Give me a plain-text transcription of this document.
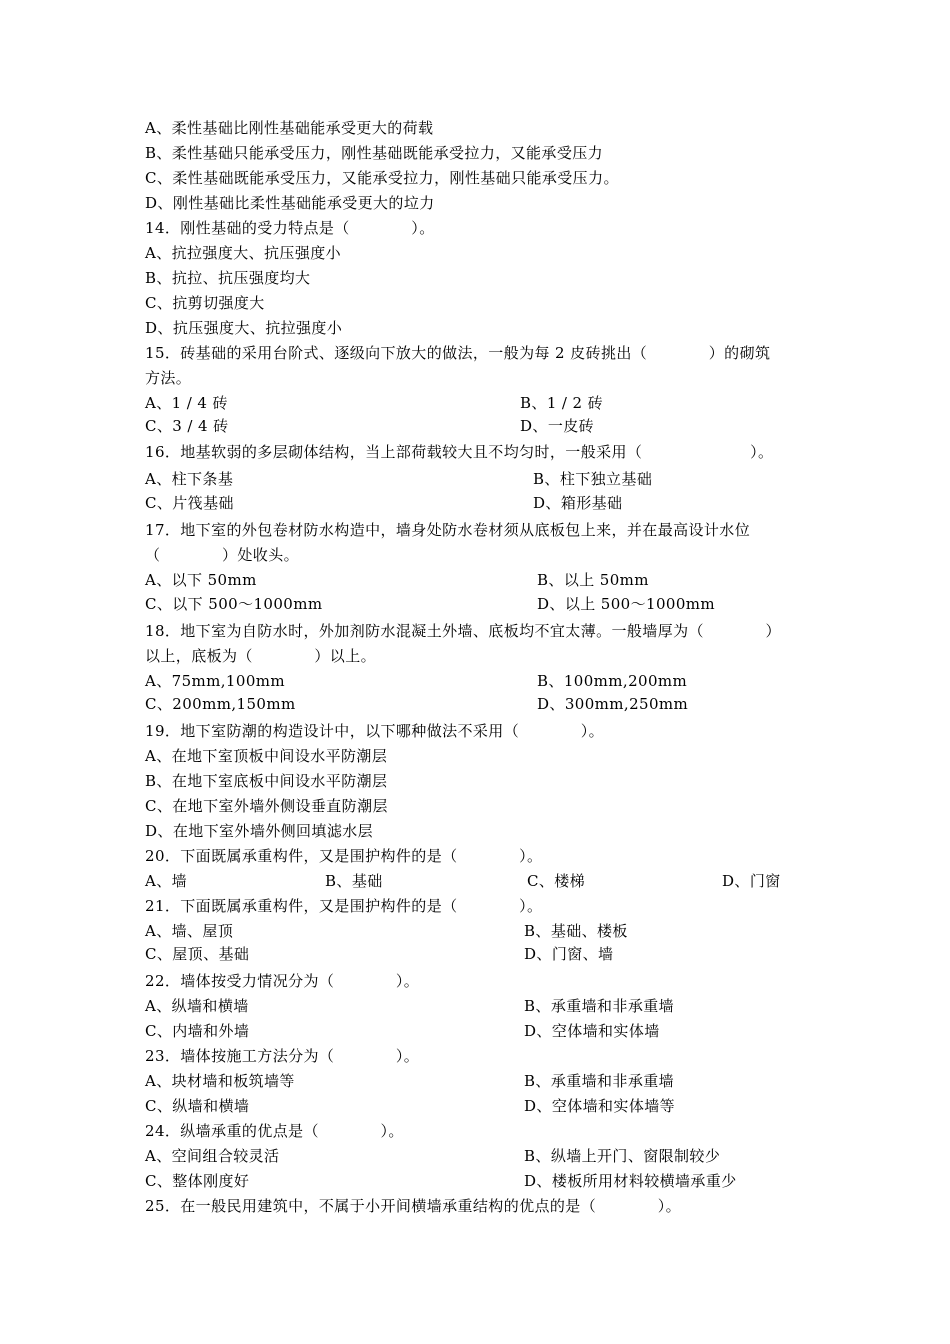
A、柔性基础比刚性基础能承受更大的荷载
B、柔性基础只能承受压力，刚性基础既能承受拉力，又能承受压力
C、柔性基础既能承受压力，又能承受拉力，刚性基础只能承受压力。
D、刚性基础比柔性基础能承受更大的垃力
14．刚性基础的受力特点是（　　　　）。
A、抗拉强度大、抗压强度小
B、抗拉、抗压强度均大
C、抗剪切强度大
D、抗压强度大、抗拉强度小
15．砖基础的采用台阶式、逐级向下放大的做法，一般为每 2 皮砖挑出（　　　　）的砌筑
方法。
A、1 / 4 砖	B、1 / 2 砖
C、3 / 4 砖	D、一皮砖
16．地基软弱的多层砌体结构，当上部荷载较大且不均匀时，一般采用（　　　　　　　）。
A、柱下条基	B、柱下独立基础
C、片筏基础	D、箱形基础
17．地下室的外包卷材防水构造中，墙身处防水卷材须从底板包上来，并在最高设计水位
（　　　　）处收头。
A、以下 50mm	B、以上 50mm
C、以下 500～1000mm	D、以上 500～1000mm
18．地下室为自防水时，外加剂防水混凝土外墙、底板均不宜太薄。一般墙厚为（　　　　）
以上，底板为（　　　　）以上。
A、75mm,100mm	B、100mm,200mm
C、200mm,150mm	D、300mm,250mm
19．地下室防潮的构造设计中，以下哪种做法不采用（　　　　）。
A、在地下室顶板中间设水平防潮层
B、在地下室底板中间设水平防潮层
C、在地下室外墙外侧设垂直防潮层
D、在地下室外墙外侧回填滤水层
20．下面既属承重构件，又是围护构件的是（　　　　）。
A、墙	B、基础	C、楼梯	D、门窗
21．下面既属承重构件，又是围护构件的是（　　　　）。
A、墙、屋顶	B、基础、楼板
C、屋顶、基础	D、门窗、墙
22．墙体按受力情况分为（　　　　）。
A、纵墙和横墙	B、承重墙和非承重墙
C、内墙和外墙	D、空体墙和实体墙
23．墙体按施工方法分为（　　　　）。
A、块材墙和板筑墙等	B、承重墙和非承重墙
C、纵墙和横墙	D、空体墙和实体墙等
24．纵墙承重的优点是（　　　　）。
A、空间组合较灵活	B、纵墙上开门、窗限制较少
C、整体刚度好	D、楼板所用材料较横墙承重少
25．在一般民用建筑中，不属于小开间横墙承重结构的优点的是（　　　　）。
